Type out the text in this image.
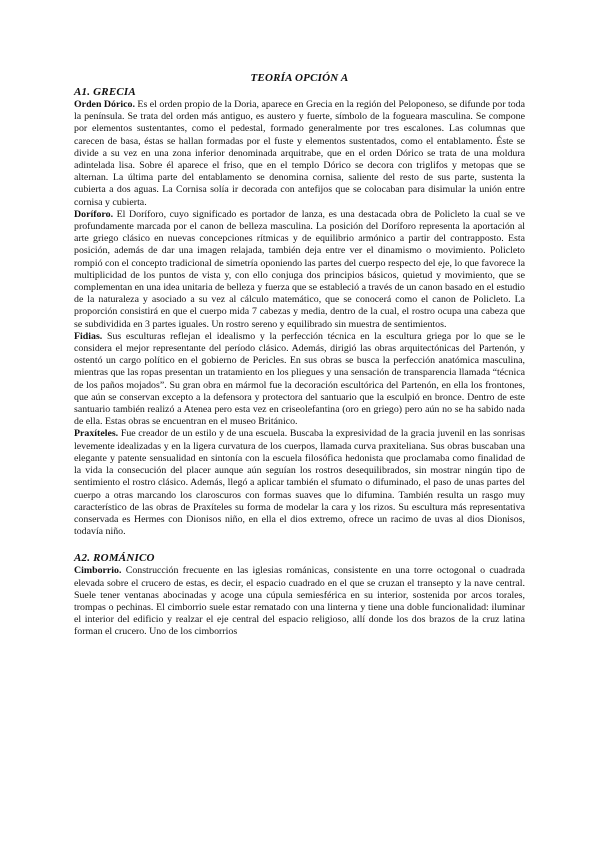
TEORÍA OPCIÓN A
A1. GRECIA

Orden Dórico. Es el orden propio de la Doria, aparece en Grecia en la región del Peloponeso, se difunde por toda la península. Se trata del orden más antiguo, es austero y fuerte, símbolo de la fogueara masculina. Se compone por elementos sustentantes, como el pedestal, formado generalmente por tres escalones. Las columnas que carecen de basa, éstas se hallan formadas por el fuste y elementos sustentados, como el entablamento. Éste se divide a su vez en una zona inferior denominada arquitrabe, que en el orden Dórico se trata de una moldura adintelada lisa. Sobre él aparece el friso, que en el templo Dórico se decora con triglifos y metopas que se alternan. La última parte del entablamento se denomina cornisa, saliente del resto de sus parte, sustenta la cubierta a dos aguas. La Cornisa solía ir decorada con antefijos que se colocaban para disimular la unión entre cornisa y cubierta.

Doríforo. El Doríforo, cuyo significado es portador de lanza, es una destacada obra de Policleto la cual se ve profundamente marcada por el canon de belleza masculina. La posición del Doríforo representa la aportación al arte griego clásico en nuevas concepciones rítmicas y de equilibrio armónico a partir del contrapposto. Esta posición, además de dar una imagen relajada, también deja entre ver el dinamismo o movimiento. Policleto rompió con el concepto tradicional de simetría oponiendo las partes del cuerpo respecto del eje, lo que favorece la multiplicidad de los puntos de vista y, con ello conjuga dos principios básicos, quietud y movimiento, que se complementan en una idea unitaria de belleza y fuerza que se estableció a través de un canon basado en el estudio de la naturaleza y asociado a su vez al cálculo matemático, que se conocerá como el canon de Policleto. La proporción consistirá en que el cuerpo mida 7 cabezas y media, dentro de la cual, el rostro ocupa una cabeza que se subdividida en 3 partes iguales. Un rostro sereno y equilibrado sin muestra de sentimientos.

Fidias. Sus esculturas reflejan el idealismo y la perfección técnica en la escultura griega por lo que se le considera el mejor representante del período clásico. Además, dirigió las obras arquitectónicas del Partenón, y ostentó un cargo político en el gobierno de Pericles. En sus obras se busca la perfección anatómica masculina, mientras que las ropas presentan un tratamiento en los pliegues y una sensación de transparencia llamada “técnica de los paños mojados”. Su gran obra en mármol fue la decoración escultórica del Partenón, en ella los frontones, que aún se conservan excepto a la defensora y protectora del santuario que la esculpió en bronce. Dentro de este santuario también realizó a Atenea pero esta vez en criseolefantina (oro en griego) pero aún no se ha sabido nada de ella. Estas obras se encuentran en el museo Británico.

Praxíteles. Fue creador de un estilo y de una escuela. Buscaba la expresividad de la gracia juvenil en las sonrisas levemente idealizadas y en la ligera curvatura de los cuerpos, llamada curva praxiteliana. Sus obras buscaban una elegante y patente sensualidad en sintonía con la escuela filosófica hedonista que proclamaba como finalidad de la vida la consecución del placer aunque aún seguían los rostros desequilibrados, sin mostrar ningún tipo de sentimiento el rostro clásico. Además, llegó a aplicar también el sfumato o difuminado, el paso de unas partes del cuerpo a otras marcando los claroscuros con formas suaves que lo difumina. También resulta un rasgo muy característico de las obras de Praxíteles su forma de modelar la cara y los rizos. Su escultura más representativa conservada es Hermes con Dionisos niño, en ella el dios extremo, ofrece un racimo de uvas al dios Dionisos, todavía niño.

A2. ROMÁNICO

Cimborrio. Construcción frecuente en las iglesias románicas, consistente en una torre octogonal o cuadrada elevada sobre el crucero de estas, es decir, el espacio cuadrado en el que se cruzan el transepto y la nave central. Suele tener ventanas abocinadas y acoge una cúpula semiesférica en su interior, sostenida por arcos torales, trompas o pechinas. El cimborrio suele estar rematado con una linterna y tiene una doble funcionalidad: iluminar el interior del edificio y realzar el eje central del espacio religioso, allí donde los dos brazos de la cruz latina forman el crucero. Uno de los cimborrios
